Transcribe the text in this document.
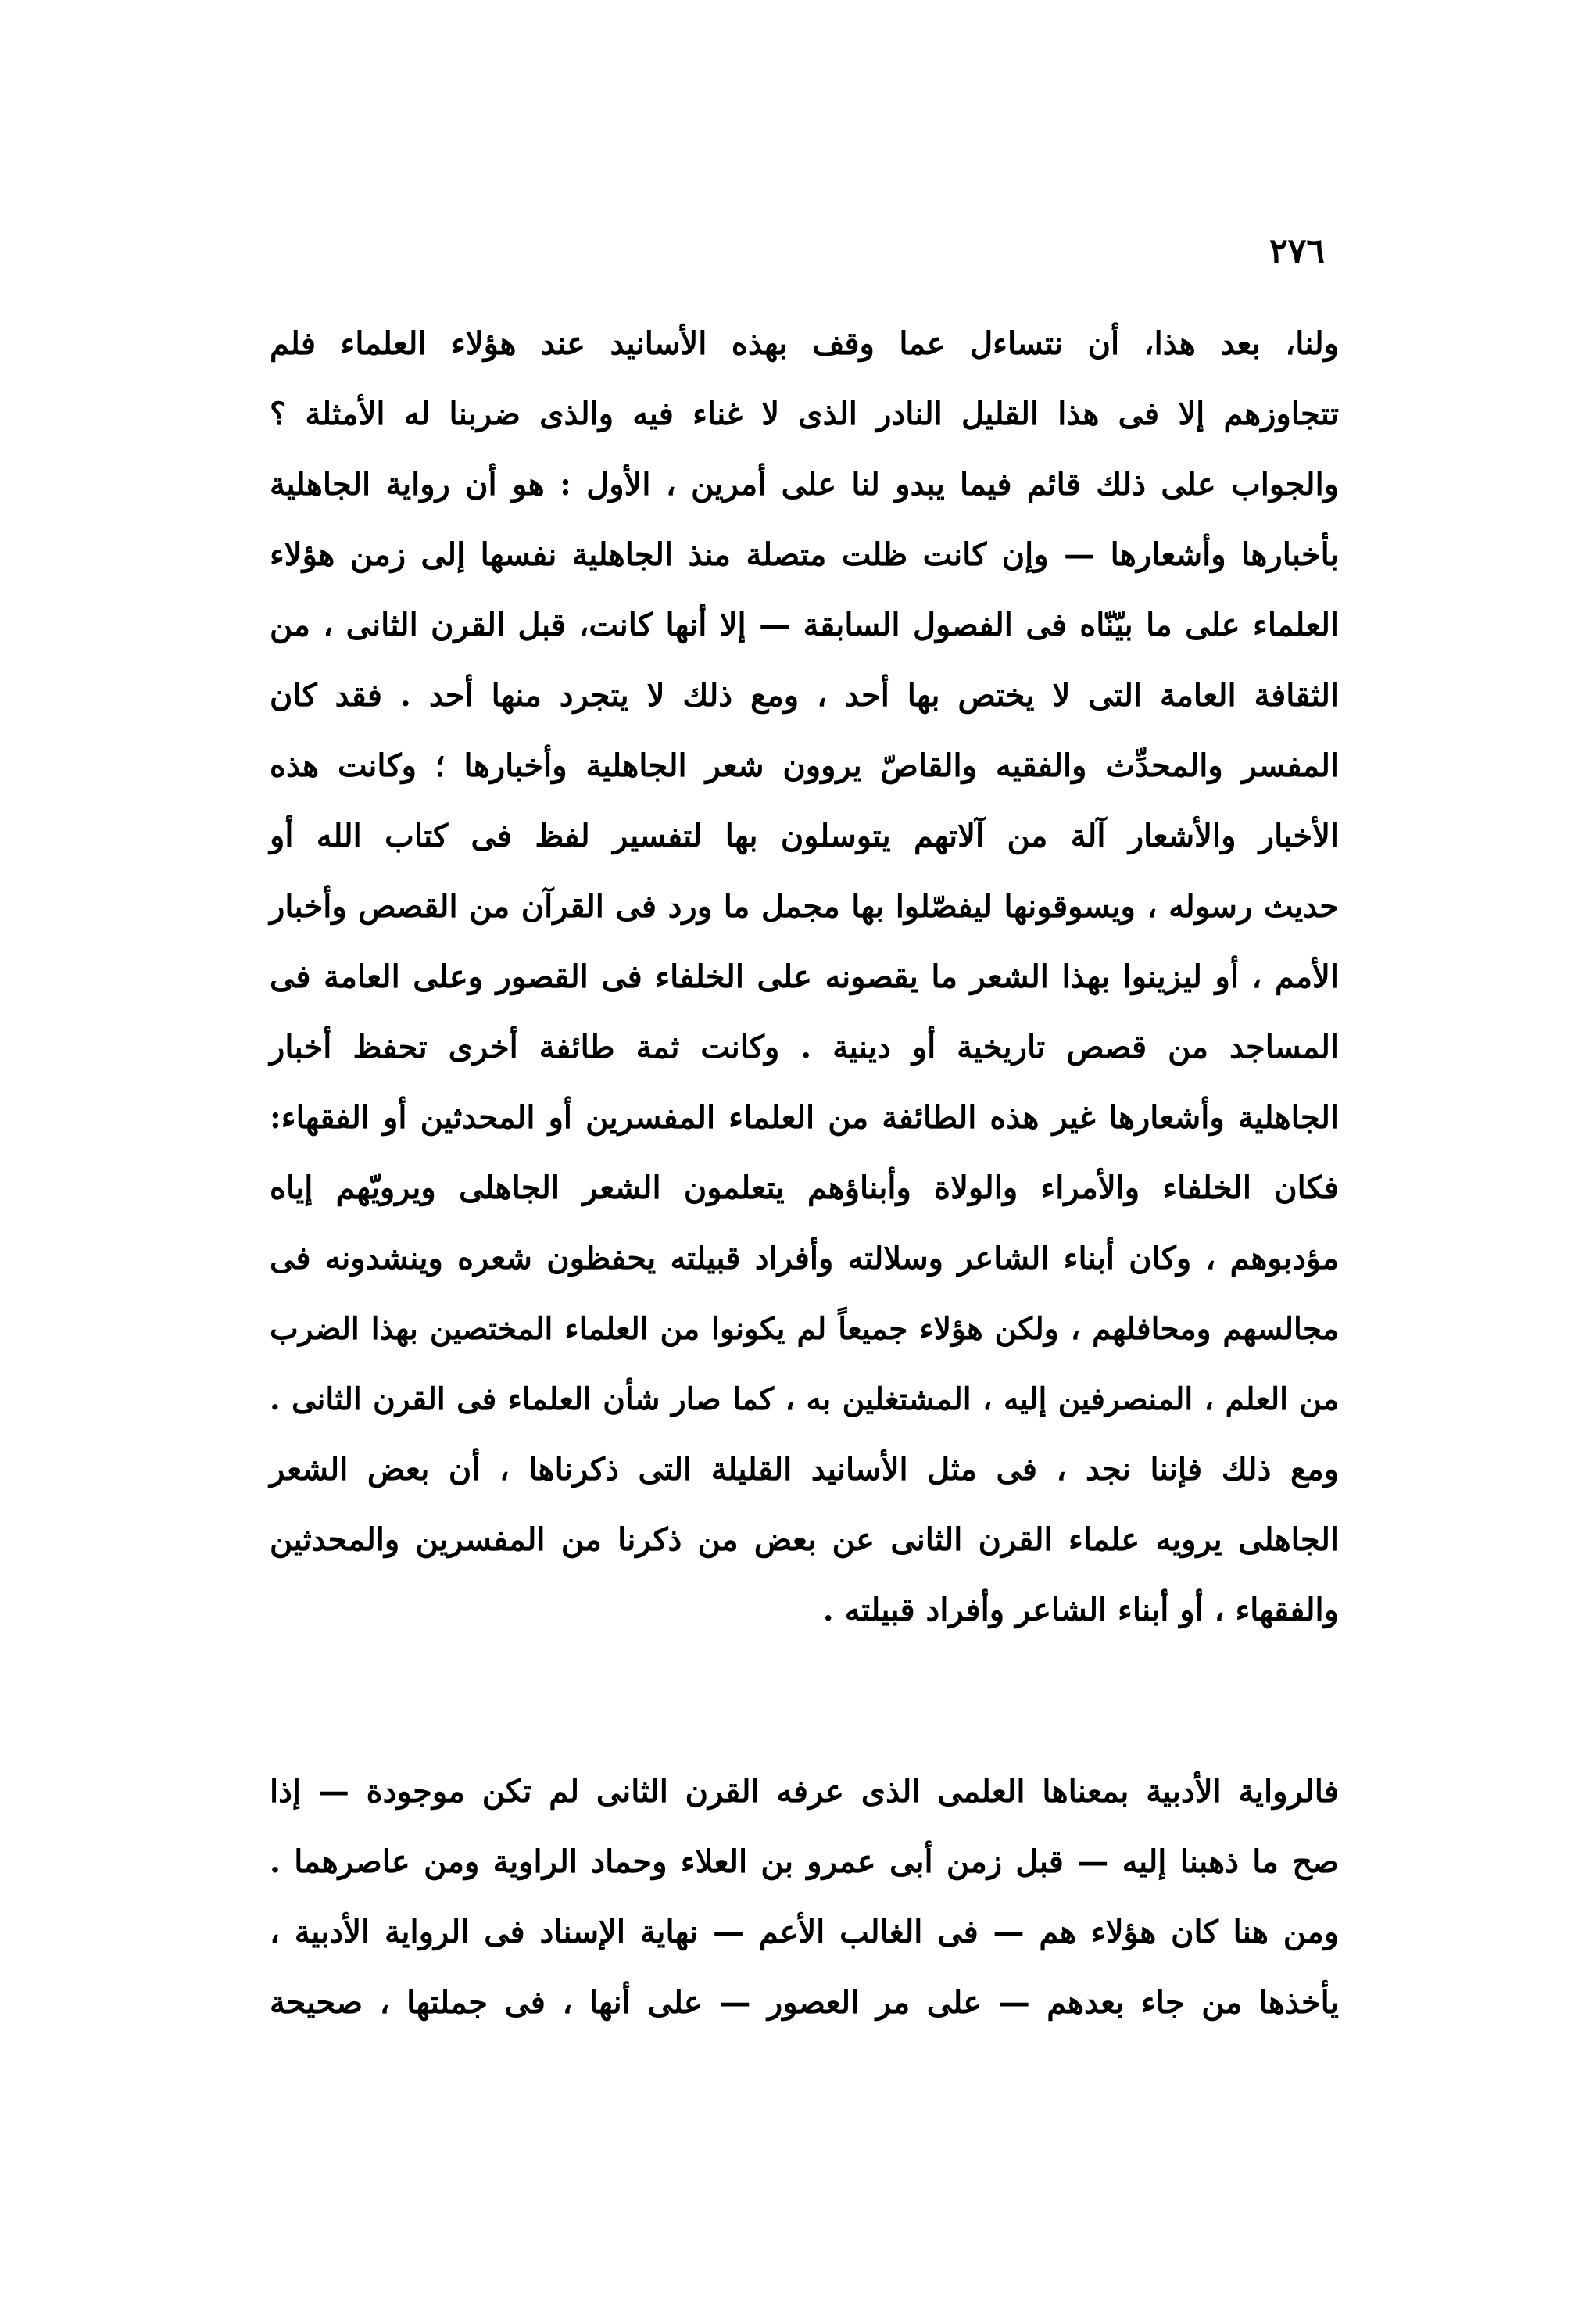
٢٧٦
ولنا، بعد هذا، أن نتساءل عما وقف بهذه الأسانيد عند هؤلاء العلماء فلم
تتجاوزهم إلا فى هذا القليل النادر الذى لا غناء فيه والذى ضربنا له الأمثلة ؟
والجواب على ذلك قائم فيما يبدو لنا على أمرين ، الأول : هو أن رواية الجاهلية
بأخبارها وأشعارها — وإن كانت ظلت متصلة منذ الجاهلية نفسها إلى زمن هؤلاء
العلماء على ما بيّنّاه فى الفصول السابقة — إلا أنها كانت، قبل القرن الثانى ، من
الثقافة العامة التى لا يختص بها أحد ، ومع ذلك لا يتجرد منها أحد . فقد كان
المفسر والمحدِّث والفقيه والقاصّ يروون شعر الجاهلية وأخبارها ؛ وكانت هذه
الأخبار والأشعار آلة من آلاتهم يتوسلون بها لتفسير لفظ فى كتاب الله أو
حديث رسوله ، ويسوقونها ليفصّلوا بها مجمل ما ورد فى القرآن من القصص وأخبار
الأمم ، أو ليزينوا بهذا الشعر ما يقصونه على الخلفاء فى القصور وعلى العامة فى
المساجد من قصص تاريخية أو دينية . وكانت ثمة طائفة أخرى تحفظ أخبار
الجاهلية وأشعارها غير هذه الطائفة من العلماء المفسرين أو المحدثين أو الفقهاء:
فكان الخلفاء والأمراء والولاة وأبناؤهم يتعلمون الشعر الجاهلى ويرويّهم إياه
مؤدبوهم ، وكان أبناء الشاعر وسلالته وأفراد قبيلته يحفظون شعره وينشدونه فى
مجالسهم ومحافلهم ، ولكن هؤلاء جميعاً لم يكونوا من العلماء المختصين بهذا الضرب
من العلم ، المنصرفين إليه ، المشتغلين به ، كما صار شأن العلماء فى القرن الثانى .
ومع ذلك فإننا نجد ، فى مثل الأسانيد القليلة التى ذكرناها ، أن بعض الشعر
الجاهلى يرويه علماء القرن الثانى عن بعض من ذكرنا من المفسرين والمحدثين
والفقهاء ، أو أبناء الشاعر وأفراد قبيلته .
فالرواية الأدبية بمعناها العلمى الذى عرفه القرن الثانى لم تكن موجودة — إذا
صح ما ذهبنا إليه — قبل زمن أبى عمرو بن العلاء وحماد الراوية ومن عاصرهما .
ومن هنا كان هؤلاء هم — فى الغالب الأعم — نهاية الإسناد فى الرواية الأدبية ،
يأخذها من جاء بعدهم — على مر العصور — على أنها ، فى جملتها ، صحيحة
